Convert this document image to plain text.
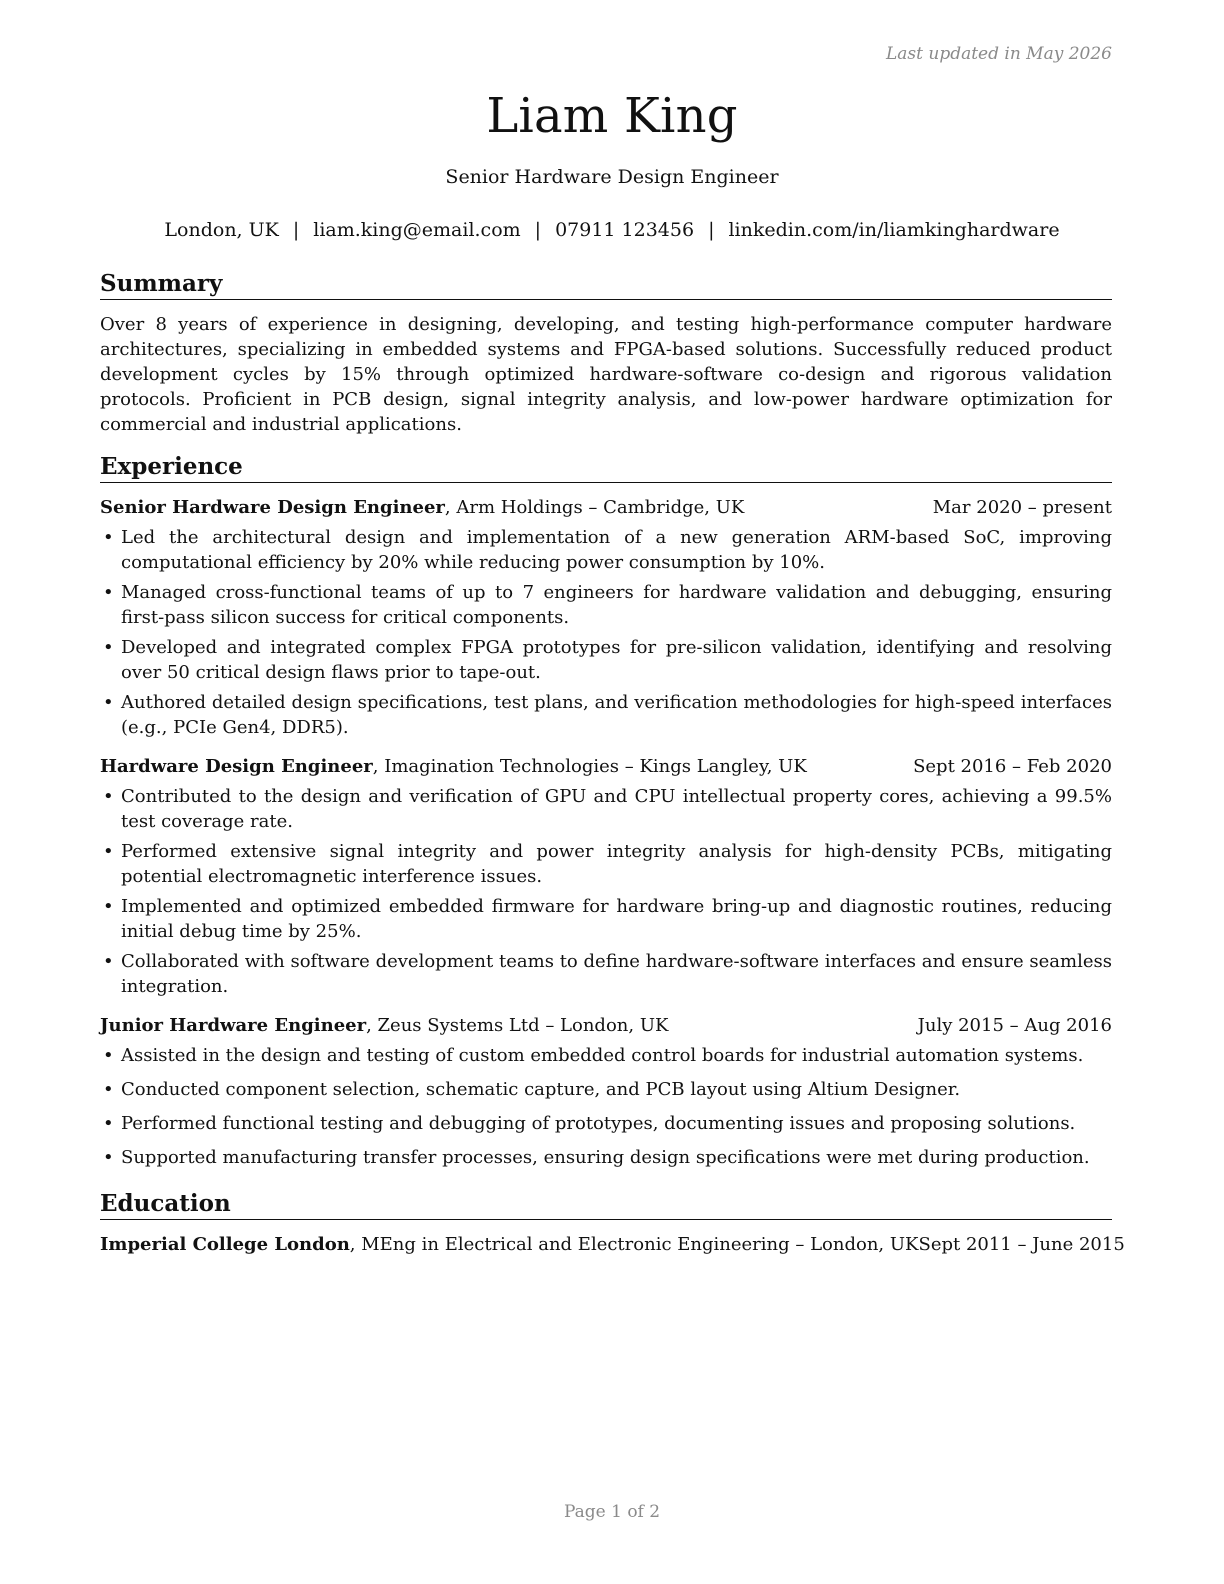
Last updated in May 2026
Liam King
Senior Hardware Design Engineer
London, UK | liam.king@email.com | 07911 123456 | linkedin.com/in/liamkinghardware
Summary

Over 8 years of experience in designing, developing, and testing high-performance computer hardware architectures, specializing in embedded systems and FPGA-based solutions. Successfully reduced product development cycles by 15% through optimized hardware-software co-design and rigorous validation protocols. Proficient in PCB design, signal integrity analysis, and low-power hardware optimization for commercial and industrial applications.

Experience
Senior Hardware Design Engineer, Arm Holdings – Cambridge, UK	Mar 2020 – present
• Led the architectural design and implementation of a new generation ARM-based SoC, improving computational efficiency by 20% while reducing power consumption by 10%.
• Managed cross-functional teams of up to 7 engineers for hardware validation and debugging, ensuring first-pass silicon success for critical components.
• Developed and integrated complex FPGA prototypes for pre-silicon validation, identifying and resolving over 50 critical design flaws prior to tape-out.
• Authored detailed design specifications, test plans, and verification methodologies for high-speed interfaces (e.g., PCIe Gen4, DDR5).
Hardware Design Engineer, Imagination Technologies – Kings Langley, UK	Sept 2016 – Feb 2020
• Contributed to the design and verification of GPU and CPU intellectual property cores, achieving a 99.5% test coverage rate.
• Performed extensive signal integrity and power integrity analysis for high-density PCBs, mitigating potential electromagnetic interference issues.
• Implemented and optimized embedded firmware for hardware bring-up and diagnostic routines, reducing initial debug time by 25%.
• Collaborated with software development teams to define hardware-software interfaces and ensure seamless integration.
Junior Hardware Engineer, Zeus Systems Ltd – London, UK	July 2015 – Aug 2016
• Assisted in the design and testing of custom embedded control boards for industrial automation systems.
• Conducted component selection, schematic capture, and PCB layout using Altium Designer.
• Performed functional testing and debugging of prototypes, documenting issues and proposing solutions.
• Supported manufacturing transfer processes, ensuring design specifications were met during production.
Education
Imperial College London, MEng in Electrical and Electronic Engineering – London, UK Sept 2011 – June 2015
Page 1 of 2
